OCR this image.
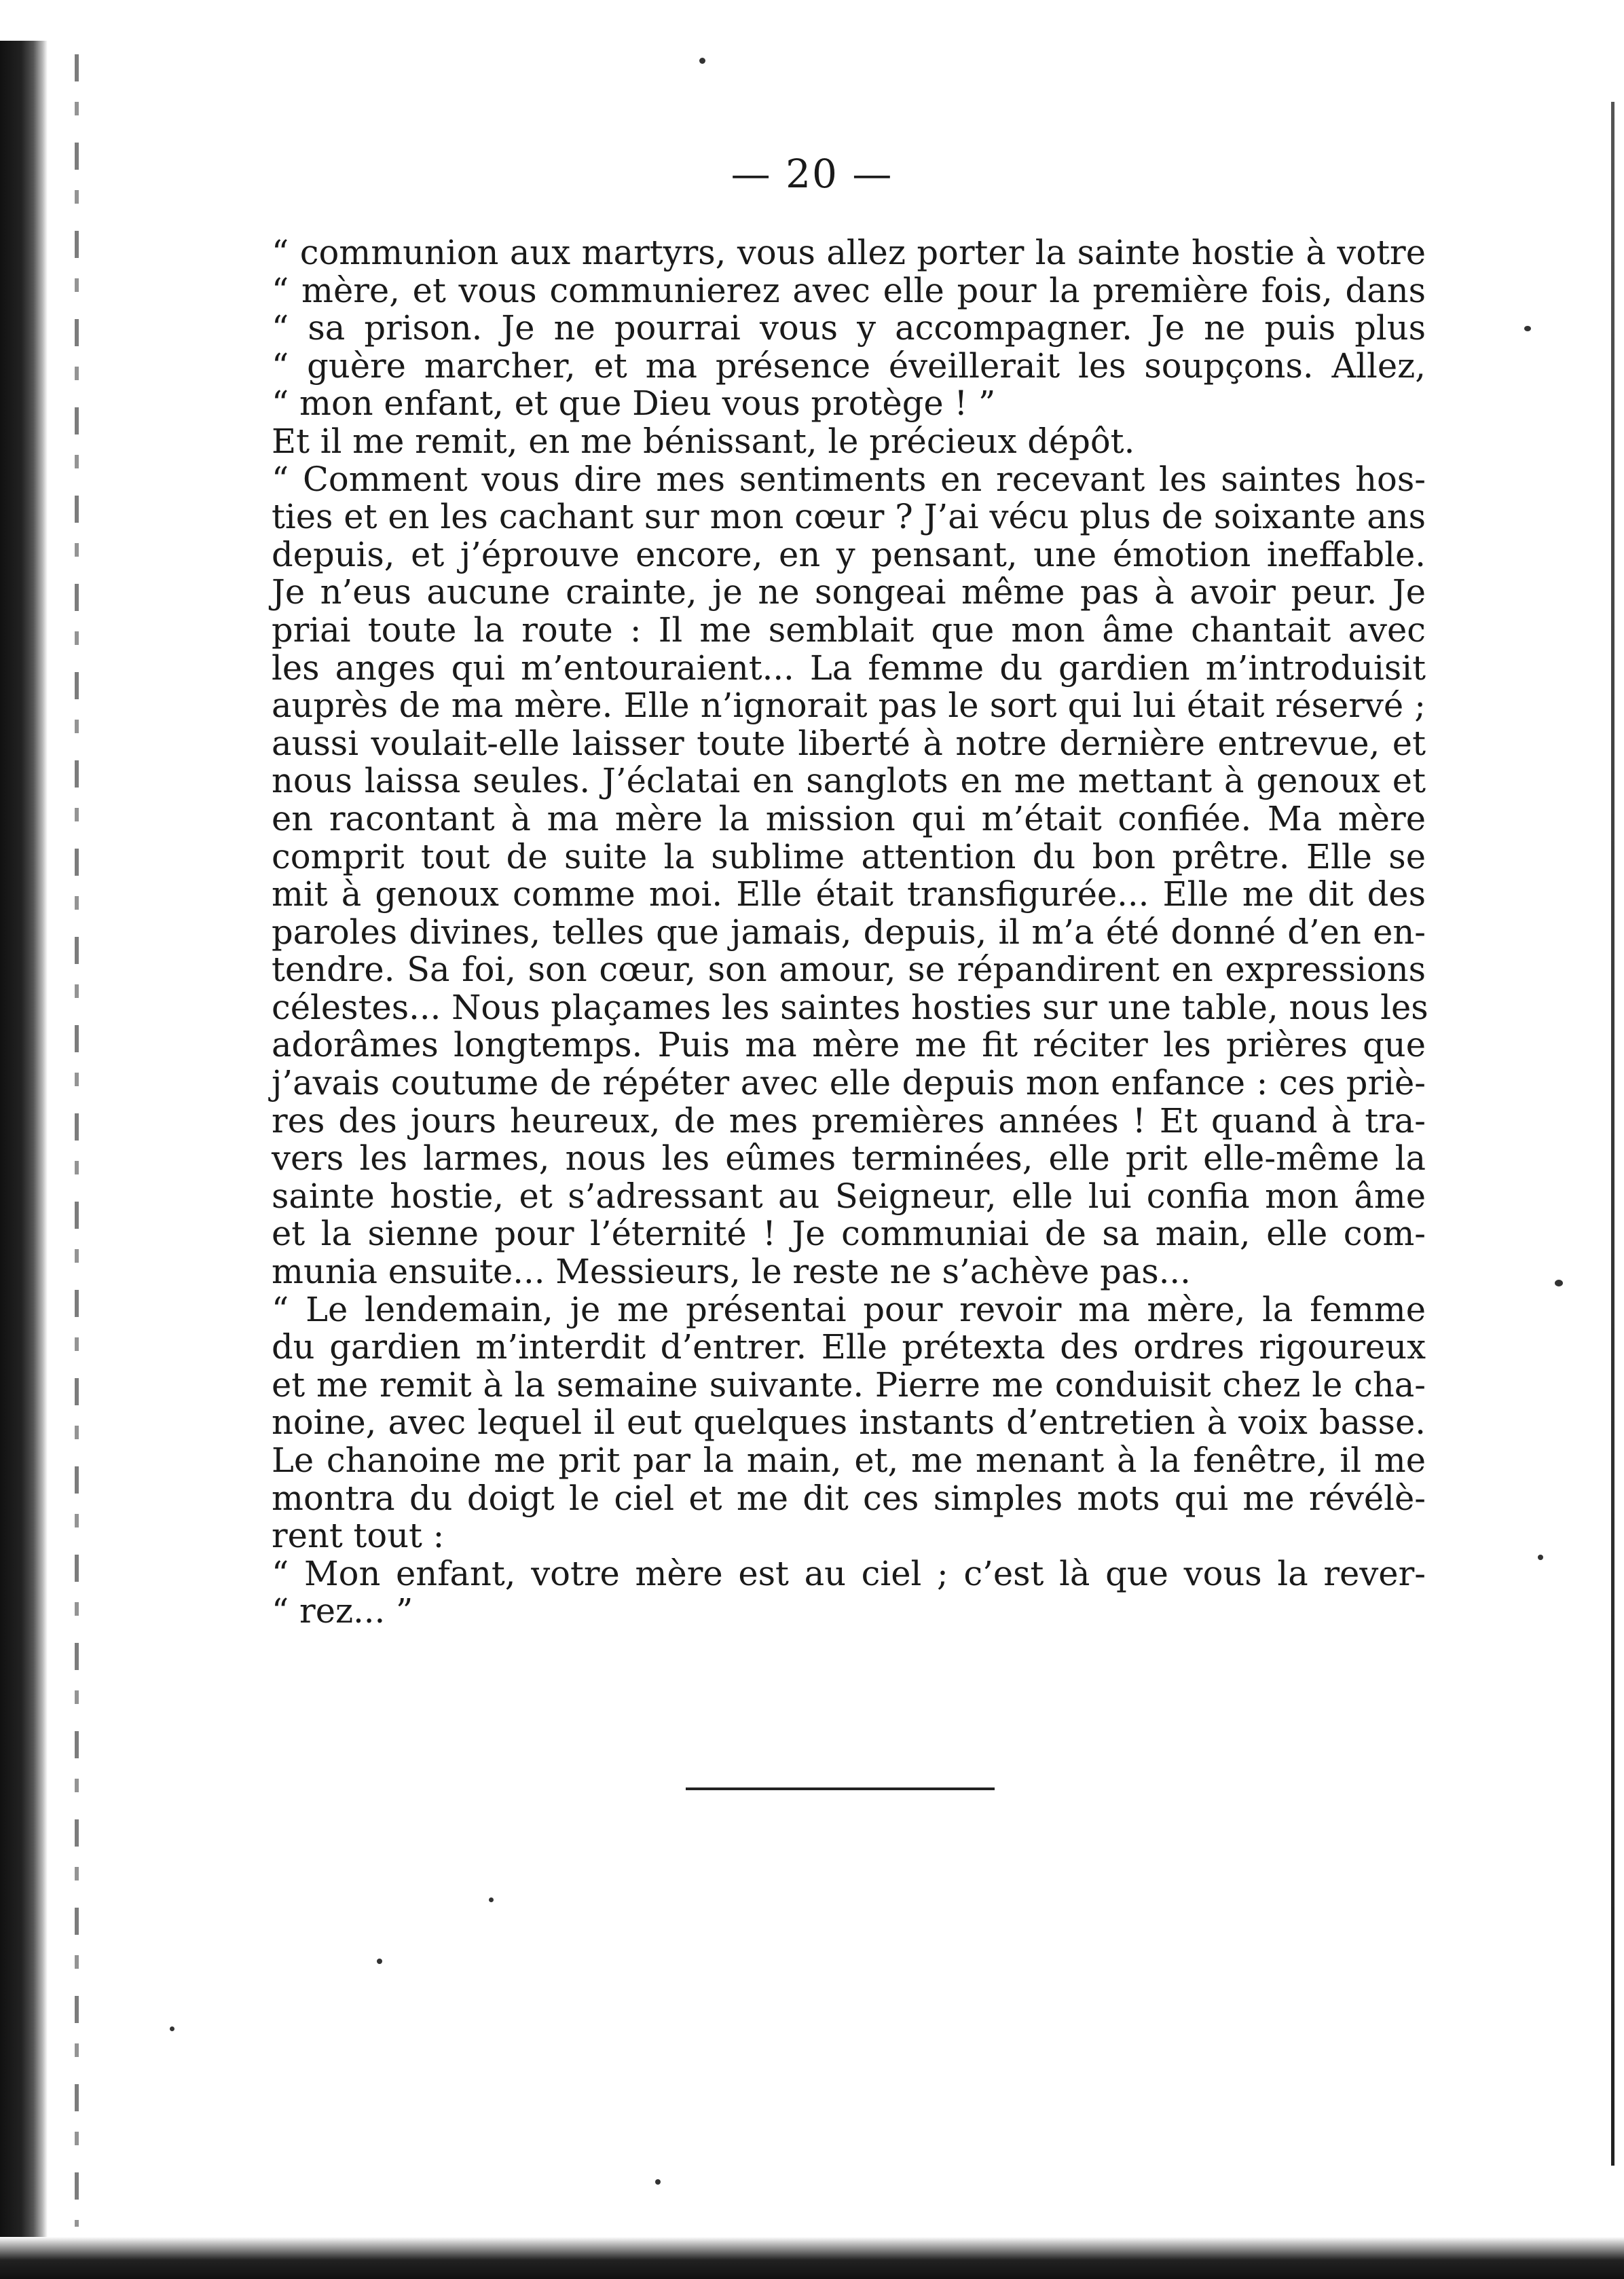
— 20 —
“ communion aux martyrs, vous allez porter la sainte hostie à votre
“ mère, et vous communierez avec elle pour la première fois, dans
“ sa prison. Je ne pourrai vous y accompagner. Je ne puis plus
“ guère marcher, et ma présence éveillerait les soupçons. Allez,
“ mon enfant, et que Dieu vous protège ! ”
Et il me remit, en me bénissant, le précieux dépôt.
“ Comment vous dire mes sentiments en recevant les saintes hos-
ties et en les cachant sur mon cœur ? J’ai vécu plus de soixante ans
depuis, et j’éprouve encore, en y pensant, une émotion ineffable.
Je n’eus aucune crainte, je ne songeai même pas à avoir peur. Je
priai toute la route : Il me semblait que mon âme chantait avec
les anges qui m’entouraient... La femme du gardien m’introduisit
auprès de ma mère. Elle n’ignorait pas le sort qui lui était réservé ;
aussi voulait-elle laisser toute liberté à notre dernière entrevue, et
nous laissa seules. J’éclatai en sanglots en me mettant à genoux et
en racontant à ma mère la mission qui m’était confiée. Ma mère
comprit tout de suite la sublime attention du bon prêtre. Elle se
mit à genoux comme moi. Elle était transfigurée... Elle me dit des
paroles divines, telles que jamais, depuis, il m’a été donné d’en en-
tendre. Sa foi, son cœur, son amour, se répandirent en expressions
célestes... Nous plaçames les saintes hosties sur une table, nous les
adorâmes longtemps. Puis ma mère me fit réciter les prières que
j’avais coutume de répéter avec elle depuis mon enfance : ces priè-
res des jours heureux, de mes premières années ! Et quand à tra-
vers les larmes, nous les eûmes terminées, elle prit elle-même la
sainte hostie, et s’adressant au Seigneur, elle lui confia mon âme
et la sienne pour l’éternité ! Je communiai de sa main, elle com-
munia ensuite... Messieurs, le reste ne s’achève pas...
“ Le lendemain, je me présentai pour revoir ma mère, la femme
du gardien m’interdit d’entrer. Elle prétexta des ordres rigoureux
et me remit à la semaine suivante. Pierre me conduisit chez le cha-
noine, avec lequel il eut quelques instants d’entretien à voix basse.
Le chanoine me prit par la main, et, me menant à la fenêtre, il me
montra du doigt le ciel et me dit ces simples mots qui me révélè-
rent tout :
“ Mon enfant, votre mère est au ciel ; c’est là que vous la rever-
“ rez... ”
